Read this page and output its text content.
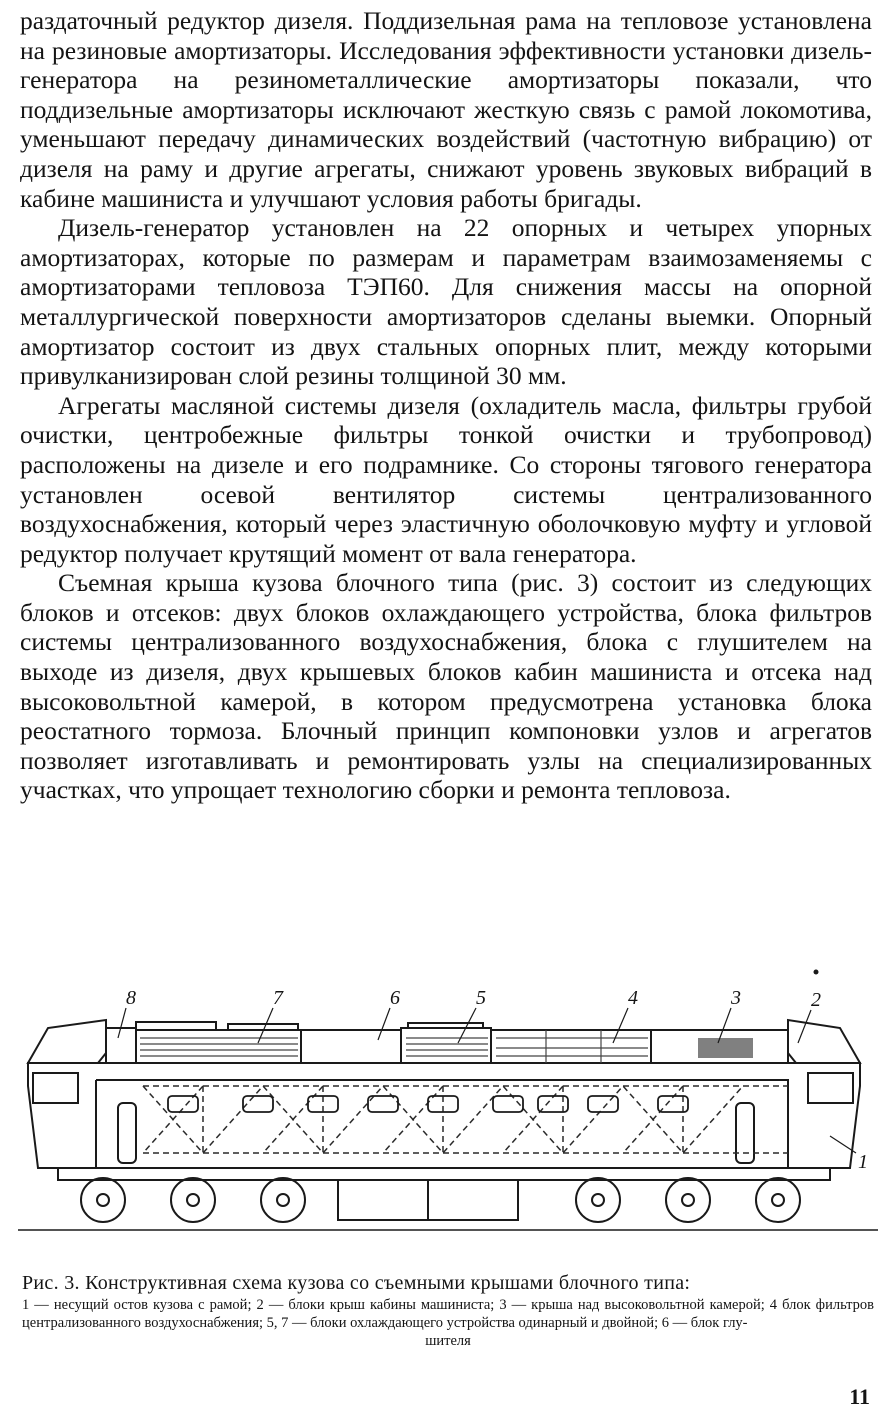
раздаточный редуктор дизеля. Поддизельная рама на тепловозе установлена на резиновые амортизаторы. Исследования эффективности установки дизель-генератора на резинометаллические амортизаторы показали, что поддизельные амортизаторы исключают жесткую связь с рамой локомотива, уменьшают передачу динамических воздействий (частотную вибрацию) от дизеля на раму и другие агрегаты, снижают уровень звуковых вибраций в кабине машиниста и улучшают условия работы бригады.

Дизель-генератор установлен на 22 опорных и четырех упорных амортизаторах, которые по размерам и параметрам взаимозаменяемы с амортизаторами тепловоза ТЭП60. Для снижения массы на опорной металлургической поверхности амортизаторов сделаны выемки. Опорный амортизатор состоит из двух стальных опорных плит, между которыми привулканизирован слой резины толщиной 30 мм.

Агрегаты масляной системы дизеля (охладитель масла, фильтры грубой очистки, центробежные фильтры тонкой очистки и трубопровод) расположены на дизеле и его подрамнике. Со стороны тягового генератора установлен осевой вентилятор системы централизованного воздухоснабжения, который через эластичную оболочковую муфту и угловой редуктор получает крутящий момент от вала генератора.

Съемная крыша кузова блочного типа (рис. 3) состоит из следующих блоков и отсеков: двух блоков охлаждающего устройства, блока фильтров системы централизованного воздухоснабжения, блока с глушителем на выходе из дизеля, двух крышевых блоков кабин машиниста и отсека над высоковольтной камерой, в котором предусмотрена установка блока реостатного тормоза. Блочный принцип компоновки узлов и агрегатов позволяет изготавливать и ремонтировать узлы на специализированных участках, что упрощает технологию сборки и ремонта тепловоза.

8	7	6	5	4	3	2
1
Рис. 3. Конструктивная схема кузова со съемными крышами блочного типа:
1 — несущий остов кузова с рамой; 2 — блоки крыш кабины машиниста; 3 — крыша над высоковольтной камерой; 4 блок фильтров централизованного воздухоснабжения; 5, 7 — блоки охлаждающего устройства одинарный и двойной; 6 — блок глу-
шителя
11
